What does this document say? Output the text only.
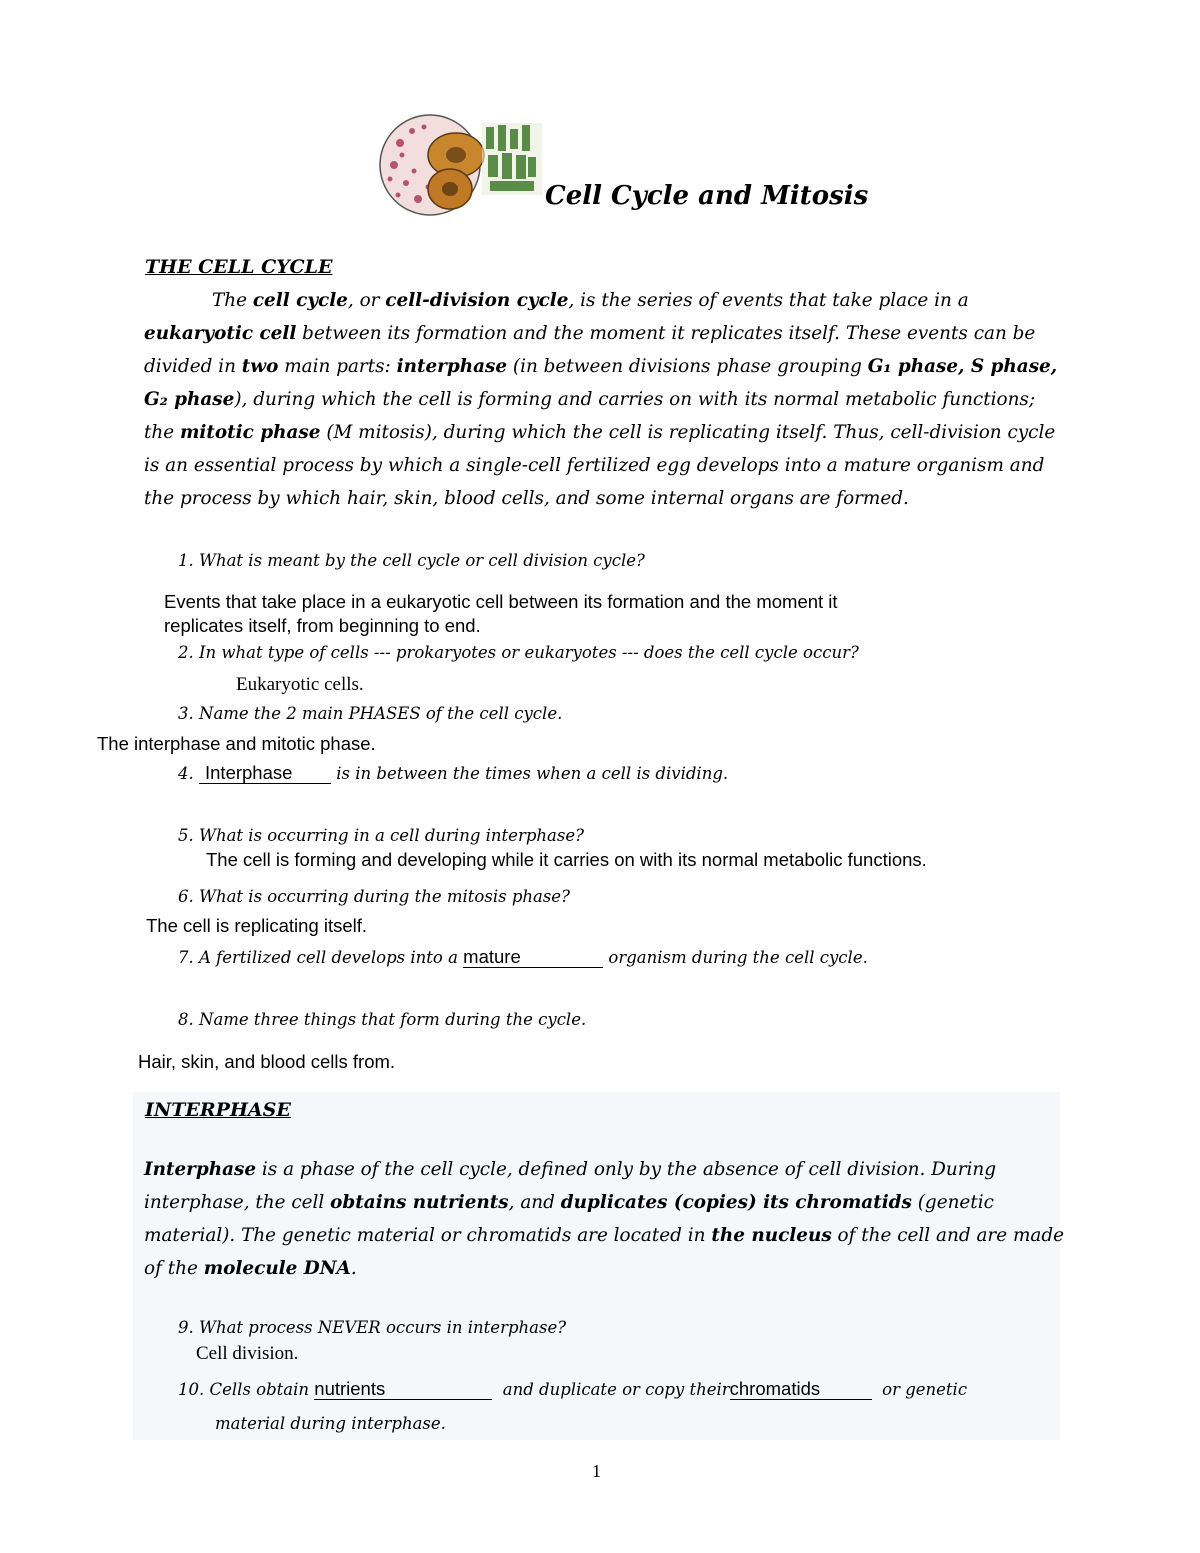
Cell Cycle and Mitosis
THE CELL CYCLE
The cell cycle, or cell-division cycle, is the series of events that take place in a eukaryotic cell between its formation and the moment it replicates itself. These events can be divided in two main parts: interphase (in between divisions phase grouping G₁ phase, S phase, G₂ phase), during which the cell is forming and carries on with its normal metabolic functions; the mitotic phase (M mitosis), during which the cell is replicating itself. Thus, cell-division cycle is an essential process by which a single-cell fertilized egg develops into a mature organism and the process by which hair, skin, blood cells, and some internal organs are formed.
1. What is meant by the cell cycle or cell division cycle?
Events that take place in a eukaryotic cell between its formation and the moment it
replicates itself, from beginning to end.
2. In what type of cells --- prokaryotes or eukaryotes --- does the cell cycle occur?
Eukaryotic cells.
3. Name the 2 main PHASES of the cell cycle.
The interphase and mitotic phase.
4. Interphase	is in between the times when a cell is dividing.
5. What is occurring in a cell during interphase?
The cell is forming and developing while it carries on with its normal metabolic functions.
6. What is occurring during the mitosis phase?
The cell is replicating itself.
7. A fertilized cell develops into a mature	organism during the cell cycle.
8. Name three things that form during the cycle.
Hair, skin, and blood cells from.
INTERPHASE
Interphase is a phase of the cell cycle, defined only by the absence of cell division. During interphase, the cell obtains nutrients, and duplicates (copies) its chromatids (genetic material). The genetic material or chromatids are located in the nucleus of the cell and are made of the molecule DNA.
9. What process NEVER occurs in interphase?
Cell division.
10. Cells obtain nutrients	and duplicate or copy theirchromatids	or genetic
material during interphase.
1
